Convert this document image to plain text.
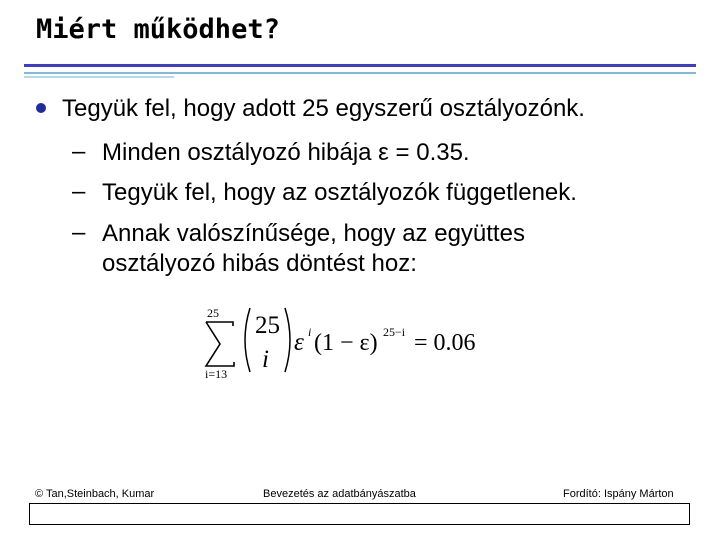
Miért működhet?
Tegyük fel, hogy adott 25 egyszerű osztályozónk.
– Minden osztályozó hibája ε = 0.35.
– Tegyük fel, hogy az osztályozók függetlenek.
– Annak valószínűsége, hogy az együttes osztályozó hibás döntést hoz:
25
i=13
25
i
ε i (1 − ε) 25−i = 0.06
© Tan,Steinbach, Kumar	Bevezetés az adatbányászatba	Fordító: Ispány Márton
